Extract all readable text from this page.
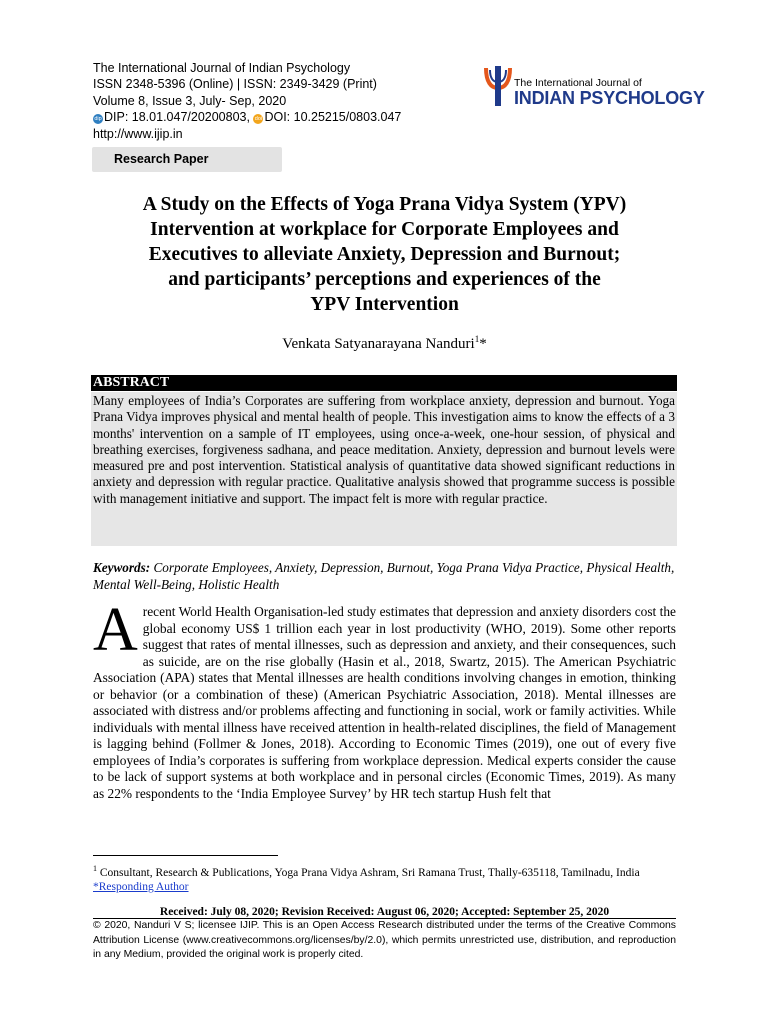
The International Journal of Indian Psychology
ISSN 2348-5396 (Online) | ISSN: 2349-3429 (Print)
Volume 8, Issue 3, July- Sep, 2020
dip DIP: 18.01.047/20200803, doi DOI: 10.25215/0803.047
http://www.ijip.in
The International Journal of
INDIAN PSYCHOLOGY
Research Paper
A Study on the Effects of Yoga Prana Vidya System (YPV)
Intervention at workplace for Corporate Employees and
Executives to alleviate Anxiety, Depression and Burnout;
and participants’ perceptions and experiences of the
YPV Intervention
Venkata Satyanarayana Nanduri$^1$*
ABSTRACT
Many employees of India’s Corporates are suffering from workplace anxiety, depression and burnout. Yoga Prana Vidya improves physical and mental health of people. This investigation aims to know the effects of a 3 months' intervention on a sample of IT employees, using once-a-week, one-hour session, of physical and breathing exercises, forgiveness sadhana, and peace meditation. Anxiety, depression and burnout levels were measured pre and post intervention. Statistical analysis of quantitative data showed significant reductions in anxiety and depression with regular practice. Qualitative analysis showed that programme success is possible with management initiative and support. The impact felt is more with regular practice.
Keywords: Corporate Employees, Anxiety, Depression, Burnout, Yoga Prana Vidya Practice, Physical Health, Mental Well-Being, Holistic Health

Arecent World Health Organisation-led study estimates that depression and anxiety disorders cost the global economy US$ 1 trillion each year in lost productivity (WHO, 2019). Some other reports suggest that rates of mental illnesses, such as depression and anxiety, and their consequences, such as suicide, are on the rise globally (Hasin et al., 2018, Swartz, 2015). The American Psychiatric Association (APA) states that Mental illnesses are health conditions involving changes in emotion, thinking or behavior (or a combination of these) (American Psychiatric Association, 2018). Mental illnesses are associated with distress and/or problems affecting and functioning in social, work or family activities. While individuals with mental illness have received attention in health-related disciplines, the field of Management is lagging behind (Follmer & Jones, 2018). According to Economic Times (2019), one out of every five employees of India’s corporates is suffering from workplace depression. Medical experts consider the cause to be lack of support systems at both workplace and in personal circles (Economic Times, 2019). As many as 22% respondents to the ‘India Employee Survey’ by HR tech startup Hush felt that

$^1$ Consultant, Research & Publications, Yoga Prana Vidya Ashram, Sri Ramana Trust, Thally-635118, Tamilnadu, India
*Responding Author
Received: July 08, 2020; Revision Received: August 06, 2020; Accepted: September 25, 2020
© 2020, Nanduri V S; licensee IJIP. This is an Open Access Research distributed under the terms of the Creative Commons Attribution License (www.creativecommons.org/licenses/by/2.0), which permits unrestricted use, distribution, and reproduction in any Medium, provided the original work is properly cited.
